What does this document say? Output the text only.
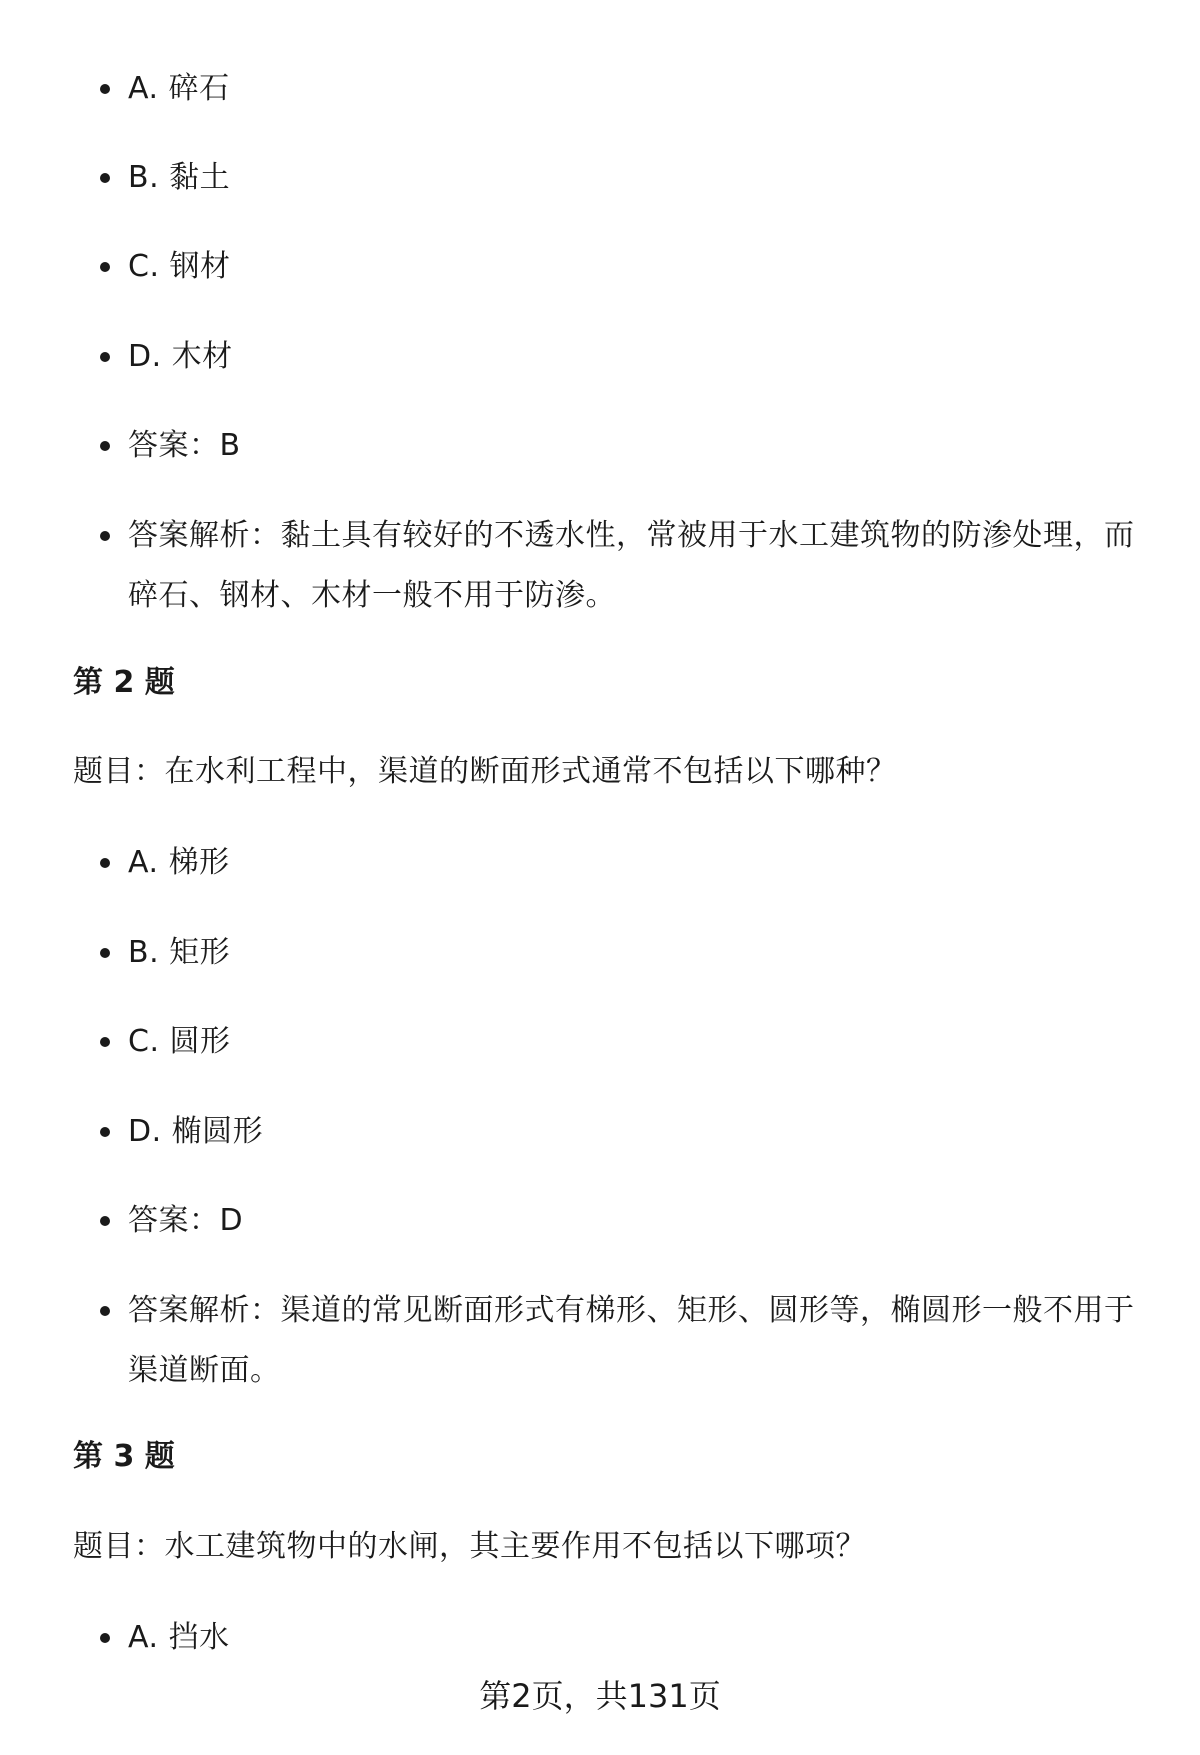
A. 碎石
B. 黏土
C. 钢材
D. 木材
答案：B
答案解析：黏土具有较好的不透水性，常被用于水工建筑物的防渗处理，而碎石、钢材、木材一般不用于防渗。
第 2 题
题目：在水利工程中，渠道的断面形式通常不包括以下哪种？
A. 梯形
B. 矩形
C. 圆形
D. 椭圆形
答案：D
答案解析：渠道的常见断面形式有梯形、矩形、圆形等，椭圆形一般不用于渠道断面。
第 3 题
题目：水工建筑物中的水闸，其主要作用不包括以下哪项？
A. 挡水
第2页，共131页
